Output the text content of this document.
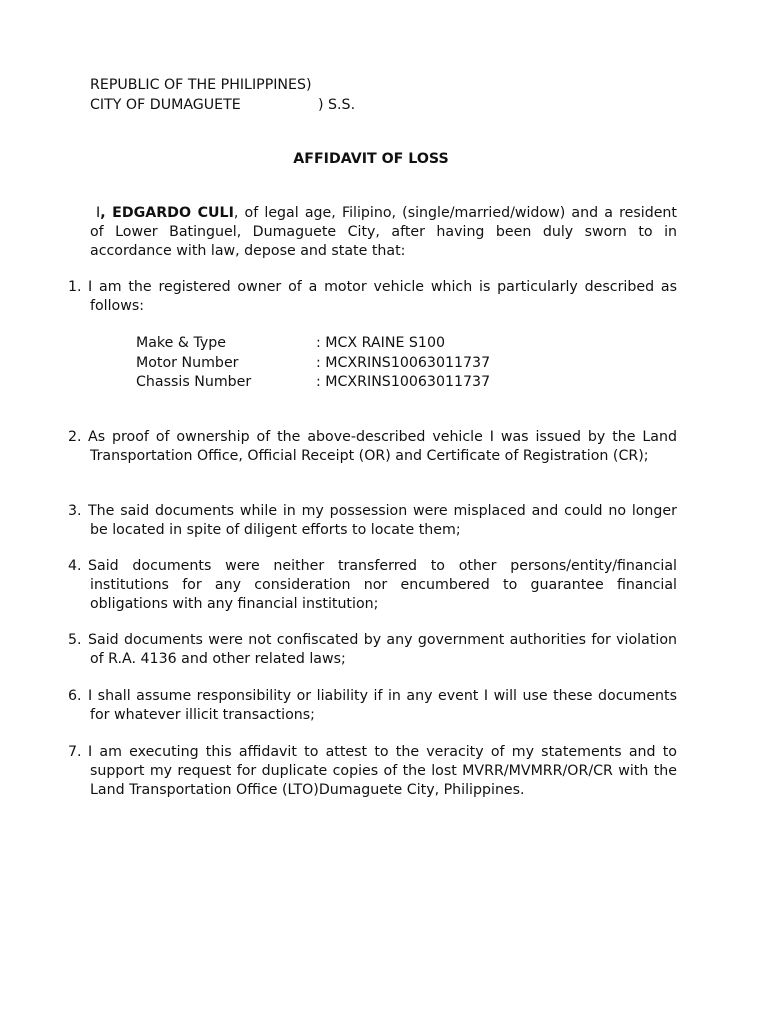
REPUBLIC OF THE PHILIPPINES)
CITY OF DUMAGUETE	) S.S.
AFFIDAVIT OF LOSS
I, EDGARDO CULI, of legal age, Filipino, (single/married/widow) and a resident of Lower Batinguel, Dumaguete City, after having been duly sworn to in accordance with law, depose and state that:
1. I am the registered owner of a motor vehicle which is particularly described as follows:
Make & Type	: MCX RAINE S100
Motor Number	: MCXRINS10063011737
Chassis Number	: MCXRINS10063011737
2. As proof of ownership of the above-described vehicle I was issued by the Land Transportation Office, Official Receipt (OR) and Certificate of Registration (CR);
3. The said documents while in my possession were misplaced and could no longer be located in spite of diligent efforts to locate them;
4. Said documents were neither transferred to other persons/entity/financial institutions for any consideration nor encumbered to guarantee financial obligations with any financial institution;
5. Said documents were not confiscated by any government authorities for violation of R.A. 4136 and other related laws;
6. I shall assume responsibility or liability if in any event I will use these documents for whatever illicit transactions;
7. I am executing this affidavit to attest to the veracity of my statements and to support my request for duplicate copies of the lost MVRR/MVMRR/OR/CR with the Land Transportation Office (LTO)Dumaguete City, Philippines.
